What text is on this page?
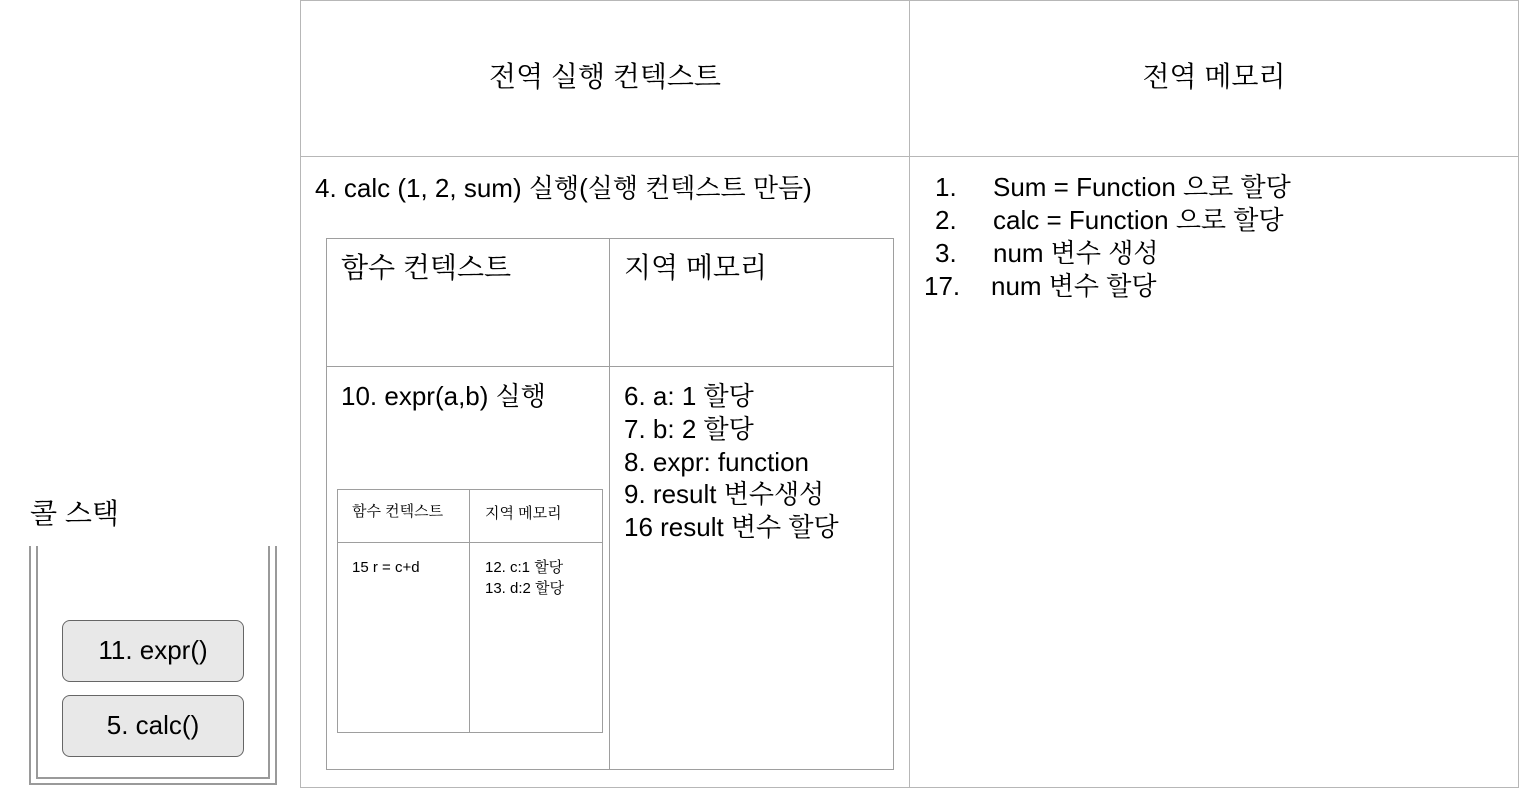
전역 실행 컨텍스트	전역 메모리
4. calc (1, 2, sum) 실행(실행 컨텍스트 만듬)	1. Sum = Function 으로 할당
2. calc = Function 으로 할당
3. num 변수 생성
17. num 변수 할당
함수 컨텍스트	지역 메모리
10. expr(a,b) 실행	6. a: 1 할당
7. b: 2 할당
8. expr: function
9. result 변수생성
16 result 변수 할당
함수 컨텍스트	지역 메모리
15 r = c+d	12. c:1 할당
13. d:2 할당
콜 스택
11. expr()
5. calc()
